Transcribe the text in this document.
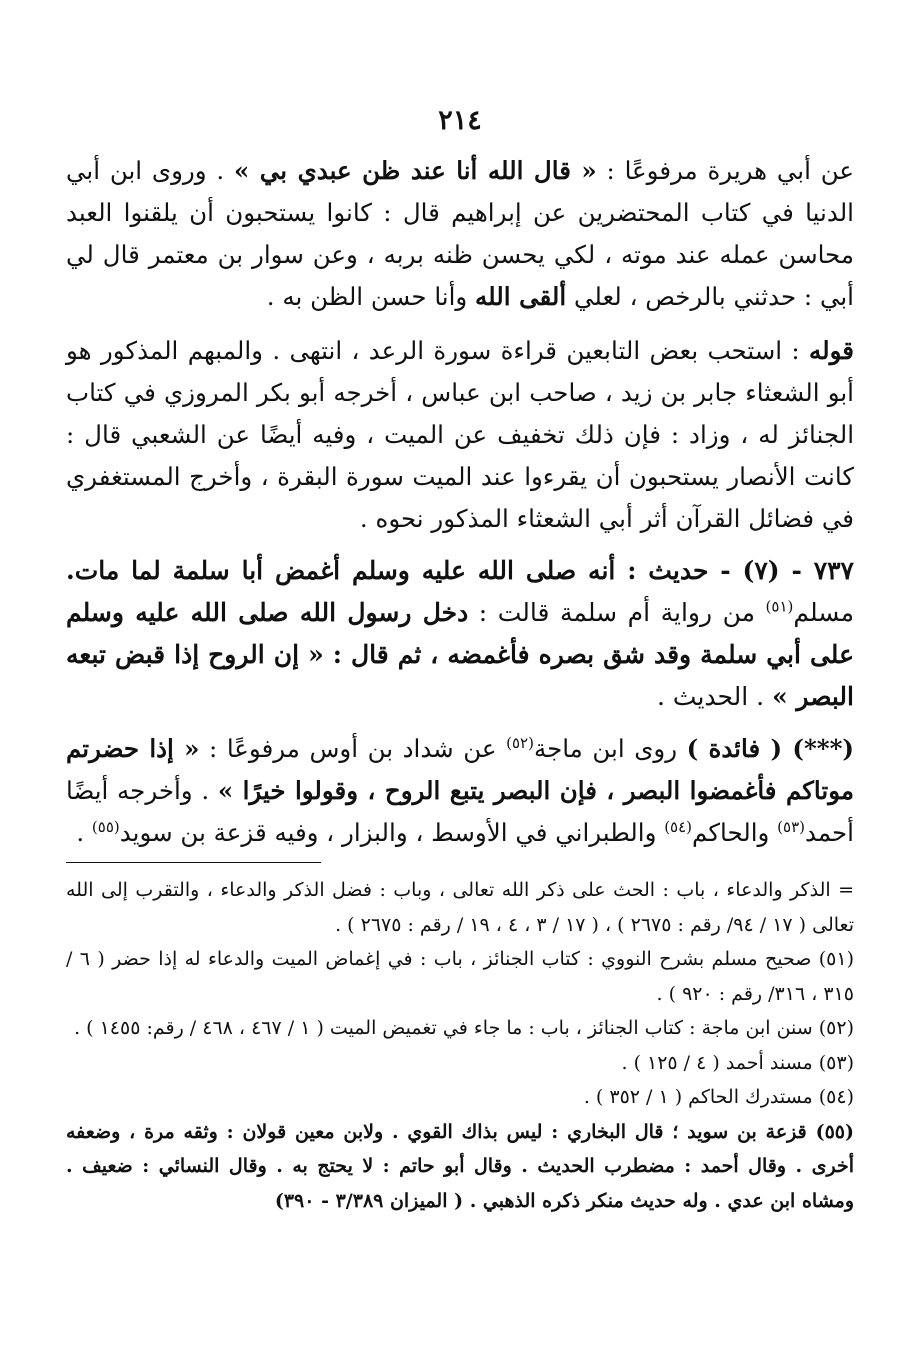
٢١٤

عن أبي هريرة مرفوعًا : « قال الله أنا عند ظن عبدي بي » . وروى ابن أبي الدنيا في كتاب المحتضرين عن إبراهيم قال : كانوا يستحبون أن يلقنوا العبد محاسن عمله عند موته ، لكي يحسن ظنه بربه ، وعن سوار بن معتمر قال لي أبي : حدثني بالرخص ، لعلي ألقى الله وأنا حسن الظن به .

قوله : استحب بعض التابعين قراءة سورة الرعد ، انتهى . والمبهم المذكور هو أبو الشعثاء جابر بن زيد ، صاحب ابن عباس ، أخرجه أبو بكر المروزي في كتاب الجنائز له ، وزاد : فإن ذلك تخفيف عن الميت ، وفيه أيضًا عن الشعبي قال : كانت الأنصار يستحبون أن يقرءوا عند الميت سورة البقرة ، وأخرج المستغفري في فضائل القرآن أثر أبي الشعثاء المذكور نحوه .

٧٣٧ - (٧) - حديث : أنه صلى الله عليه وسلم أغمض أبا سلمة لما مات. مسلم$^{(٥١)}$ من رواية أم سلمة قالت : دخل رسول الله صلى الله عليه وسلم على أبي سلمة وقد شق بصره فأغمضه ، ثم قال : « إن الروح إذا قبض تبعه البصر » . الحديث .

(***) ( فائدة ) روى ابن ماجة$^{(٥٢)}$ عن شداد بن أوس مرفوعًا : « إذا حضرتم موتاكم فأغمضوا البصر ، فإن البصر يتبع الروح ، وقولوا خيرًا » . وأخرجه أيضًا أحمد$^{(٥٣)}$ والحاكم$^{(٥٤)}$ والطبراني في الأوسط ، والبزار ، وفيه قزعة بن سويد$^{(٥٥)}$ .

= الذكر والدعاء ، باب : الحث على ذكر الله تعالى ، وباب : فضل الذكر والدعاء ، والتقرب إلى الله تعالى ( ١٧ / ٩٤/ رقم : ٢٦٧٥ ) ، ( ١٧ / ٣ ، ٤ ، ١٩ / رقم : ٢٦٧٥ ) .

(٥١) صحيح مسلم بشرح النووي : كتاب الجنائز ، باب : في إغماض الميت والدعاء له إذا حضر ( ٦ / ٣١٥ ، ٣١٦/ رقم : ٩٢٠ ) .

(٥٢) سنن ابن ماجة : كتاب الجنائز ، باب : ما جاء في تغميض الميت ( ١ / ٤٦٧ ، ٤٦٨ / رقم: ١٤٥٥ ) .

(٥٣) مسند أحمد ( ٤ / ١٢٥ ) .

(٥٤) مستدرك الحاكم ( ١ / ٣٥٢ ) .

(٥٥) قزعة بن سويد ؛ قال البخاري : ليس بذاك القوي . ولابن معين قولان : وثقه مرة ، وضعفه أخرى . وقال أحمد : مضطرب الحديث . وقال أبو حاتم : لا يحتج به . وقال النسائي : ضعيف . ومشاه ابن عدي . وله حديث منكر ذكره الذهبي . ( الميزان ٣/٣٨٩ - ٣٩٠)
